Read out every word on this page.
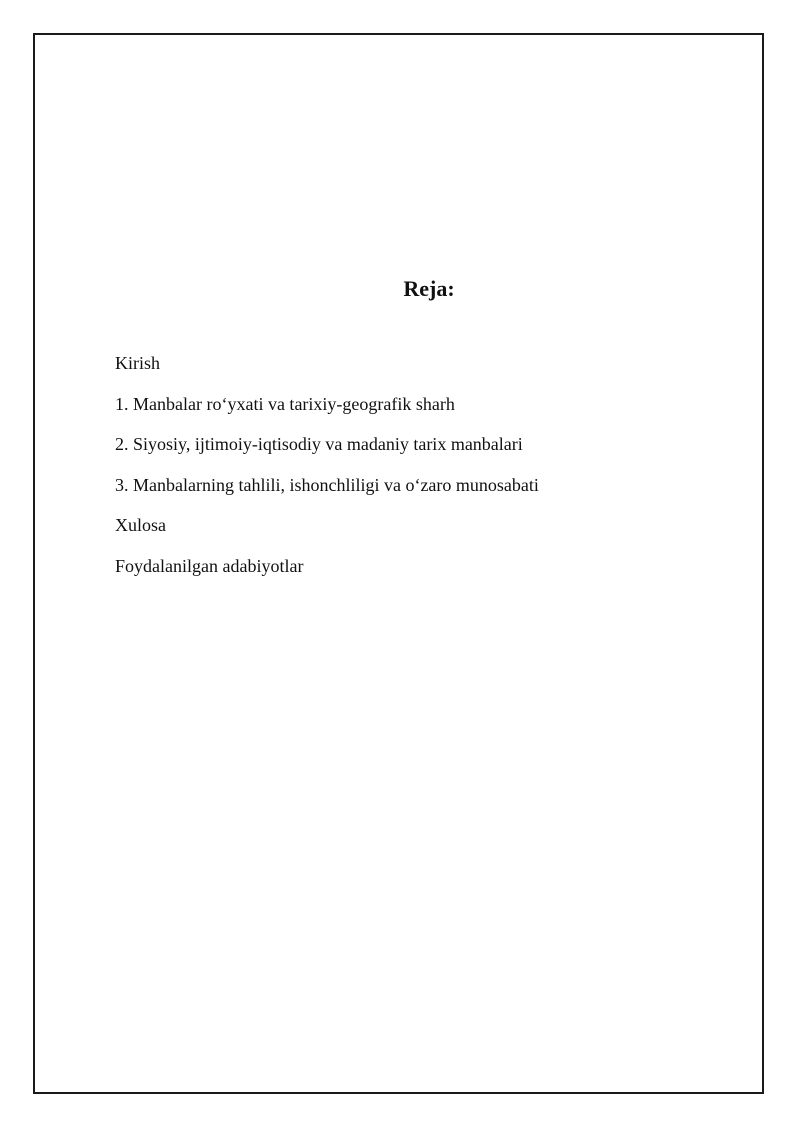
Reja:
Kirish
1. Manbalar roʻyxati va tarixiy-geografik sharh
2. Siyosiy, ijtimoiy-iqtisodiy va madaniy tarix manbalari
3. Manbalarning tahlili, ishonchliligi va oʻzaro munosabati
Xulosa
Foydalanilgan adabiyotlar
